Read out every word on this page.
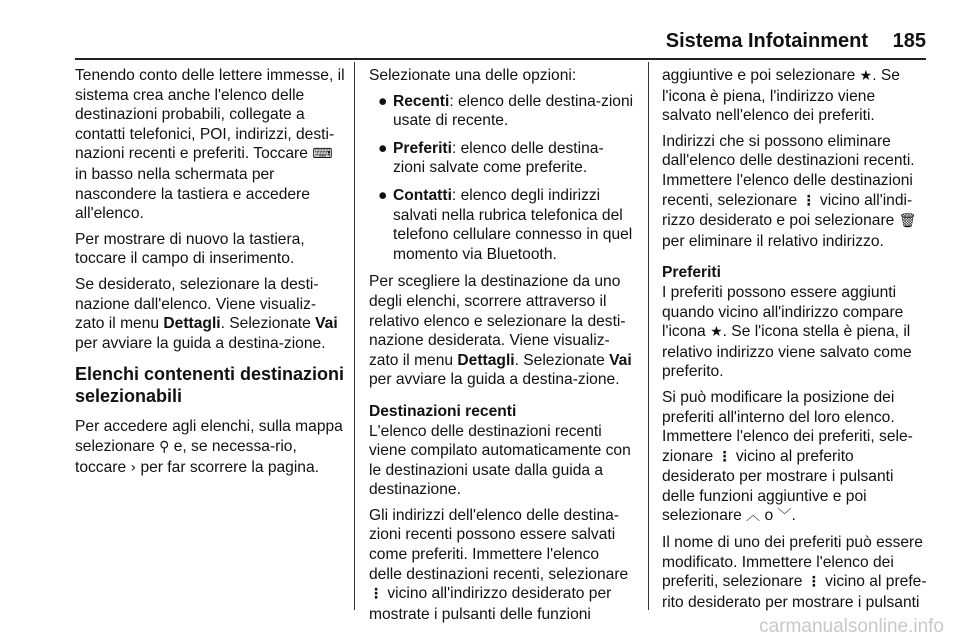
Sistema Infotainment 185

Tenendo conto delle lettere immesse, il sistema crea anche l'elenco delle destinazioni probabili, collegate a contatti telefonici, POI, indirizzi, desti-nazioni recenti e preferiti. Toccare ⌨ in basso nella schermata per nascondere la tastiera e accedere all'elenco.

Per mostrare di nuovo la tastiera, toccare il campo di inserimento.

Se desiderato, selezionare la desti-nazione dall'elenco. Viene visualiz-zato il menu Dettagli. Selezionate Vai per avviare la guida a destina-zione.

Elenchi contenenti destinazioni selezionabili

Per accedere agli elenchi, sulla mappa selezionare ⚲ e, se necessa-rio, toccare › per far scorrere la pagina.

Selezionate una delle opzioni:

● Recenti: elenco delle destina-zioni usate di recente.
● Preferiti: elenco delle destina-zioni salvate come preferite.
● Contatti: elenco degli indirizzi salvati nella rubrica telefonica del telefono cellulare connesso in quel momento via Bluetooth.

Per scegliere la destinazione da uno degli elenchi, scorrere attraverso il relativo elenco e selezionare la desti-nazione desiderata. Viene visualiz-zato il menu Dettagli. Selezionate Vai per avviare la guida a destina-zione.

Destinazioni recenti

L'elenco delle destinazioni recenti viene compilato automaticamente con le destinazioni usate dalla guida a destinazione.

Gli indirizzi dell'elenco delle destina-zioni recenti possono essere salvati come preferiti. Immettere l'elenco delle destinazioni recenti, selezionare ⋮ vicino all'indirizzo desiderato per mostrate i pulsanti delle funzioni

aggiuntive e poi selezionare ★. Se l'icona è piena, l'indirizzo viene salvato nell'elenco dei preferiti.

Indirizzi che si possono eliminare dall'elenco delle destinazioni recenti. Immettere l'elenco delle destinazioni recenti, selezionare ⋮ vicino all'indi-rizzo desiderato e poi selezionare 🗑 per eliminare il relativo indirizzo.

Preferiti

I preferiti possono essere aggiunti quando vicino all'indirizzo compare l'icona ★. Se l'icona stella è piena, il relativo indirizzo viene salvato come preferito.

Si può modificare la posizione dei preferiti all'interno del loro elenco. Immettere l'elenco dei preferiti, sele-zionare ⋮ vicino al preferito desiderato per mostrare i pulsanti delle funzioni aggiuntive e poi selezionare ︿ o ﹀.

Il nome di uno dei preferiti può essere modificato. Immettere l'elenco dei preferiti, selezionare ⋮ vicino al prefe-rito desiderato per mostrare i pulsanti

carmanualsonline.info
